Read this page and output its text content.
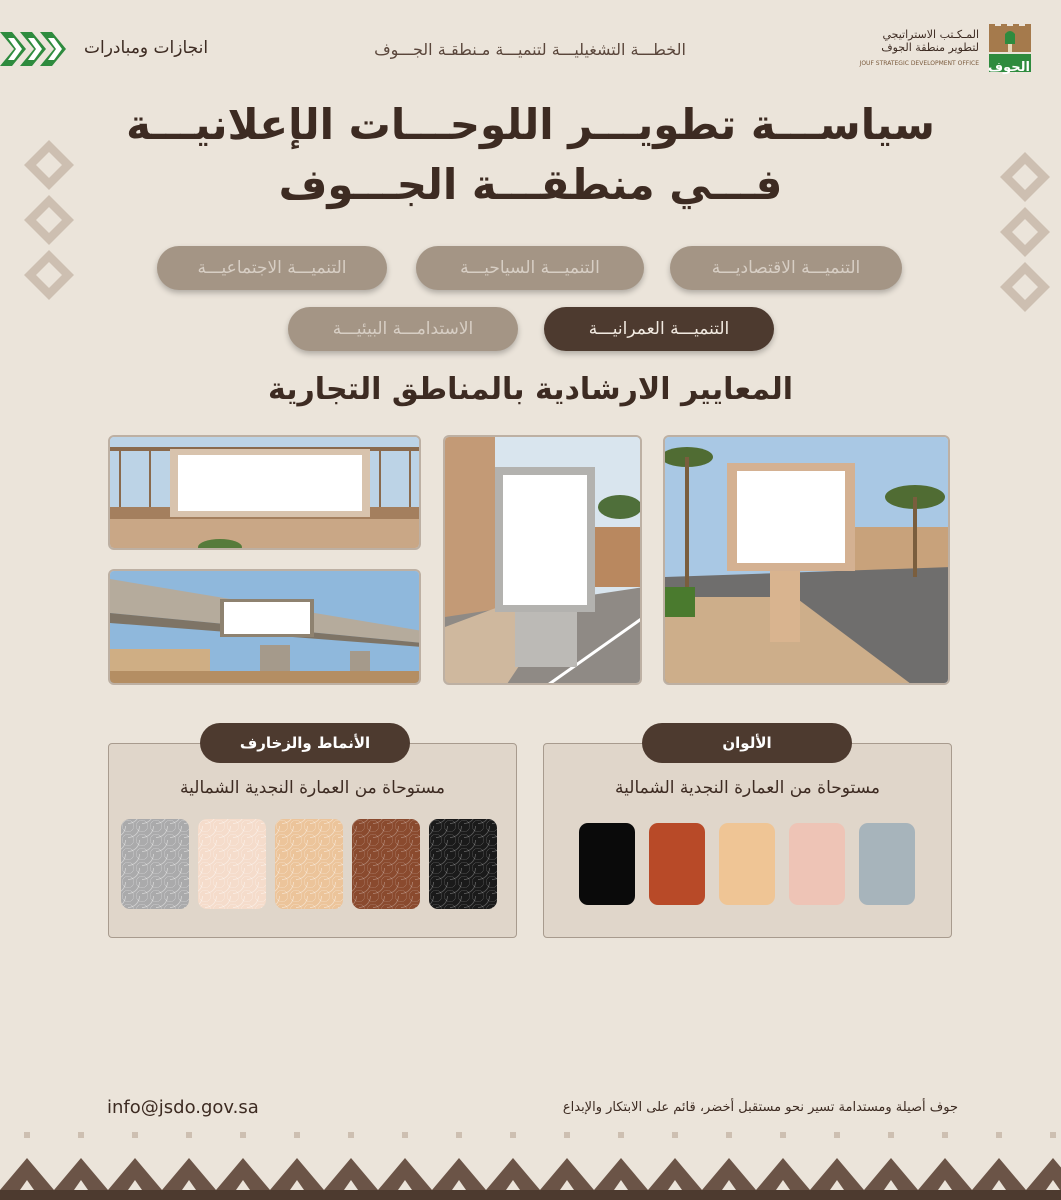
انجازات ومبادرات	الخطـــة التشغيليـــة لتنميـــة مـنطقـة الجـــوف
المـكـتب الاستراتيجي
لتطوير منطقة الجوف
JOUF STRATEGIC DEVELOPMENT OFFICE الجوف
سياســـة تطويـــر اللوحـــات الإعلانيـــة
فـــي منطقـــة الجـــوف
التنميـــة الاقتصاديـــة
التنميـــة السياحيـــة
التنميـــة الاجتماعيـــة
التنميـــة العمرانيـــة
الاستدامـــة البيئيـــة
المعايير الارشادية بالمناطق التجارية
الألوان
مستوحاة من العمارة النجدية الشمالية
الأنماط والزخارف
مستوحاة من العمارة النجدية الشمالية
info@jsdo.gov.sa	جوف أصيلة ومستدامة تسير نحو مستقبل أخضر، قائم على الابتكار والإبداع
